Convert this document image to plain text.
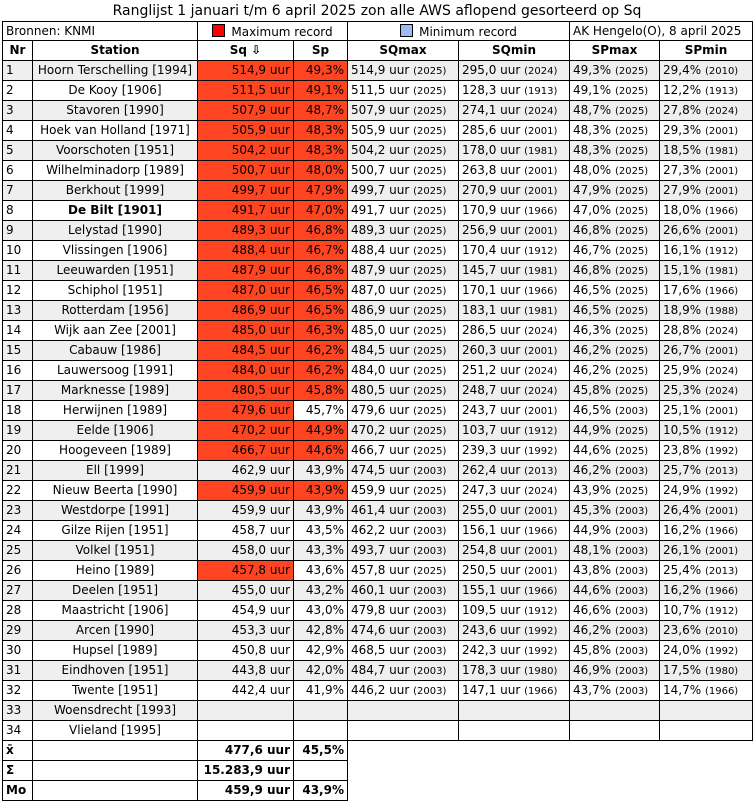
Ranglijst 1 januari t/m 6 april 2025 zon alle AWS aflopend gesorteerd op Sq
Bronnen: KNMI		Maximum record		Minimum record		AK Hengelo(O), 8 april 2025	
Nr	Station	Sq ⇩	Sp	SQmax	SQmin	SPmax	SPmin
1	Hoorn Terschelling [1994]	514,9 uur	49,3%	514,9 uur (2025)	295,0 uur (2024)	49,3% (2025)	29,4% (2010)
2	De Kooy [1906]	511,5 uur	49,1%	511,5 uur (2025)	128,3 uur (1913)	49,1% (2025)	12,2% (1913)
3	Stavoren [1990]	507,9 uur	48,7%	507,9 uur (2025)	274,1 uur (2024)	48,7% (2025)	27,8% (2024)
4	Hoek van Holland [1971]	505,9 uur	48,3%	505,9 uur (2025)	285,6 uur (2001)	48,3% (2025)	29,3% (2001)
5	Voorschoten [1951]	504,2 uur	48,3%	504,2 uur (2025)	178,0 uur (1981)	48,3% (2025)	18,5% (1981)
6	Wilhelminadorp [1989]	500,7 uur	48,0%	500,7 uur (2025)	263,8 uur (2001)	48,0% (2025)	27,3% (2001)
7	Berkhout [1999]	499,7 uur	47,9%	499,7 uur (2025)	270,9 uur (2001)	47,9% (2025)	27,9% (2001)
8	De Bilt [1901]	491,7 uur	47,0%	491,7 uur (2025)	170,9 uur (1966)	47,0% (2025)	18,0% (1966)
9	Lelystad [1990]	489,3 uur	46,8%	489,3 uur (2025)	256,9 uur (2001)	46,8% (2025)	26,6% (2001)
10	Vlissingen [1906]	488,4 uur	46,7%	488,4 uur (2025)	170,4 uur (1912)	46,7% (2025)	16,1% (1912)
11	Leeuwarden [1951]	487,9 uur	46,8%	487,9 uur (2025)	145,7 uur (1981)	46,8% (2025)	15,1% (1981)
12	Schiphol [1951]	487,0 uur	46,5%	487,0 uur (2025)	170,1 uur (1966)	46,5% (2025)	17,6% (1966)
13	Rotterdam [1956]	486,9 uur	46,5%	486,9 uur (2025)	183,1 uur (1981)	46,5% (2025)	18,9% (1988)
14	Wijk aan Zee [2001]	485,0 uur	46,3%	485,0 uur (2025)	286,5 uur (2024)	46,3% (2025)	28,8% (2024)
15	Cabauw [1986]	484,5 uur	46,2%	484,5 uur (2025)	260,3 uur (2001)	46,2% (2025)	26,7% (2001)
16	Lauwersoog [1991]	484,0 uur	46,2%	484,0 uur (2025)	251,2 uur (2024)	46,2% (2025)	25,9% (2024)
17	Marknesse [1989]	480,5 uur	45,8%	480,5 uur (2025)	248,7 uur (2024)	45,8% (2025)	25,3% (2024)
18	Herwijnen [1989]	479,6 uur	45,7%	479,6 uur (2025)	243,7 uur (2001)	46,5% (2003)	25,1% (2001)
19	Eelde [1906]	470,2 uur	44,9%	470,2 uur (2025)	103,7 uur (1912)	44,9% (2025)	10,5% (1912)
20	Hoogeveen [1989]	466,7 uur	44,6%	466,7 uur (2025)	239,3 uur (1992)	44,6% (2025)	23,8% (1992)
21	Ell [1999]	462,9 uur	43,9%	474,5 uur (2003)	262,4 uur (2013)	46,2% (2003)	25,7% (2013)
22	Nieuw Beerta [1990]	459,9 uur	43,9%	459,9 uur (2025)	247,3 uur (2024)	43,9% (2025)	24,9% (1992)
23	Westdorpe [1991]	459,9 uur	43,9%	461,4 uur (2003)	255,0 uur (2001)	45,3% (2003)	26,4% (2001)
24	Gilze Rijen [1951]	458,7 uur	43,5%	462,2 uur (2003)	156,1 uur (1966)	44,9% (2003)	16,2% (1966)
25	Volkel [1951]	458,0 uur	43,3%	493,7 uur (2003)	254,8 uur (2001)	48,1% (2003)	26,1% (2001)
26	Heino [1989]	457,8 uur	43,6%	457,8 uur (2025)	250,5 uur (2001)	43,8% (2003)	25,4% (2013)
27	Deelen [1951]	455,0 uur	43,2%	460,1 uur (2003)	155,1 uur (1966)	44,6% (2003)	16,2% (1966)
28	Maastricht [1906]	454,9 uur	43,0%	479,8 uur (2003)	109,5 uur (1912)	46,6% (2003)	10,7% (1912)
29	Arcen [1990]	453,3 uur	42,8%	474,6 uur (2003)	243,6 uur (1992)	46,2% (2003)	23,6% (2010)
30	Hupsel [1989]	450,8 uur	42,9%	468,5 uur (2003)	242,3 uur (1992)	45,8% (2003)	24,0% (1992)
31	Eindhoven [1951]	443,8 uur	42,0%	484,7 uur (2003)	178,3 uur (1980)	46,9% (2003)	17,5% (1980)
32	Twente [1951]	442,4 uur	41,9%	446,2 uur (2003)	147,1 uur (1966)	43,7% (2003)	14,7% (1966)
33	Woensdrecht [1993]						
34	Vlieland [1995]						
x̄		477,6 uur	45,5%				
Σ		15.283,9 uur					
Mo		459,9 uur	43,9%				
